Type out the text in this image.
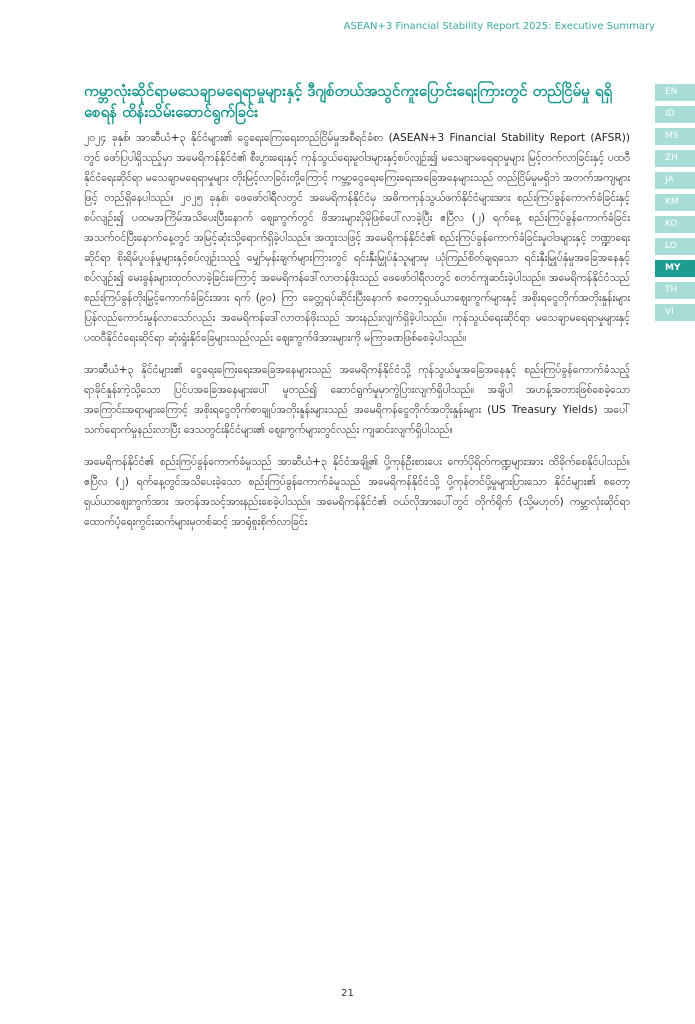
ASEAN+3 Financial Stability Report 2025: Executive Summary
EN
ID
MS
ZH
JA
KM
KO
LO
MY
TH
VI
ကမ္ဘာလုံးဆိုင်ရာမသေချာမရေရာမှုများနှင့် ဒီဂျစ်တယ်အသွင်ကူးပြောင်းရေးကြားတွင် တည်ငြိမ်မှု ရရှိစေရန် ထိန်းသိမ်းဆောင်ရွက်ခြင်း

၂၀၂၄ ခုနှစ်၊ အာဆီယံ+၃ နိုင်ငံများ၏ ငွေရေးကြေးရေးတည်ငြိမ်မှုအစီရင်ခံစာ (ASEAN+3 Financial Stability Report (AFSR)) တွင် ဖော်ပြပါရှိသည့်မှာ အမေရိကန်နိုင်ငံ၏ စီးပွားရေးနှင့် ကုန်သွယ်ရေးမူဝါဒများနှင့်စပ်လျဉ်း၍ မသေချာမရေရာမှုများ မြင့်တက်လာခြင်းနှင့် ပထဝီနိုင်ငံရေးဆိုင်ရာ မသေချာမရေရာမှုများ တိုးမြင့်လာခြင်းတို့ကြောင့် ကမ္ဘာ့ငွေရေးကြေးရေးအခြေအနေများသည် တည်ငြိမ်မှုမရှိဘဲ အတက်အကျများဖြင့် တည်ရှိနေပါသည်။ ၂၀၂၅ ခုနှစ်၊ ဖေဖော်ဝါရီလတွင် အမေရိကန်နိုင်ငံမှ အဓိကကုန်သွယ်ဖက်နိုင်ငံများအား စည်းကြပ်ခွန်ကောက်ခံခြင်းနှင့်စပ်လျဉ်း၍ ပထမအကြိမ်အသိပေးပြီးနောက် ဈေးကွက်တွင် ဖိအားများပိုမိုဖြစ်ပေါ်လာခဲ့ပြီး ဧပြီလ (၂) ရက်နေ့ စည်းကြပ်ခွန်ကောက်ခံခြင်း အသက်ဝင်ပြီးနောက်နေ့တွင် အမြင့်ဆုံးသို့ရောက်ရှိခဲ့ပါသည်။ အထူးသဖြင့် အမေရိကန်နိုင်ငံ၏ စည်းကြပ်ခွန်ကောက်ခံခြင်းမူဝါဒများနှင့် ဘဏ္ဍာရေးဆိုင်ရာ စိုးရိမ်ပူပန်မှုများနှင့်စပ်လျဉ်းသည့် မျှော်မှန်းချက်များကြားတွင် ရင်းနှီးမြှုပ်နှံသူများမှ ယုံကြည်စိတ်ချရသော ရင်းနှီးမြှုပ်နှံမှုအခြေအနေနှင့်စပ်လျဉ်း၍ မေးခွန်းများထုတ်လာခဲ့ခြင်းကြောင့် အမေရိကန်ဒေါ်လာတန်ဖိုးသည် ဖေဖော်ဝါရီလတွင် စတင်ကျဆင်းခဲ့ပါသည်။ အမေရိကန်နိုင်ငံသည် စည်းကြပ်ခွန်တိုးမြှင့်ကောက်ခံခြင်းအား ရက် (၉၀) ကြာ ခေတ္တရပ်ဆိုင်းပြီးနောက် စတော့ရှယ်ယာဈေးကွက်များနှင့် အစိုးရငွေတိုက်အတိုးနှုန်းများ ပြန်လည်ကောင်းမွန်လာသော်လည်း အမေရိကန်ဒေါ်လာတန်ဖိုးသည် အားနည်းလျက်ရှိခဲ့ပါသည်။ ကုန်သွယ်ရေးဆိုင်ရာ မသေချာမရေရာမှုများနှင့် ပထဝီနိုင်ငံရေးဆိုင်ရာ ဆုံးရှုံးနိုင်ခြေများသည်လည်း ဈေးကွက်ဖိအားများကို မကြာခဏဖြစ်စေခဲ့ပါသည်။

အာဆီယံ+၃ နိုင်ငံများ၏ ငွေရေးကြေးရေးအခြေအနေများသည် အမေရိကန်နိုင်ငံသို့ ကုန်သွယ်မှုအခြေအနေနှင့် စည်းကြပ်ခွန်ကောက်ခံသည့်ရာခိုင်နှုန်းကဲ့သို့သော ပြင်ပအခြေအနေများပေါ် မူတည်၍ ဆောင်ရွက်မှုမှာကွဲပြားလျက်ရှိပါသည်။ အချိပါ အဟန့်အတားဖြစ်စေခဲ့သော အကြောင်းအရာများကြောင့် အစိုးရငွေတိုက်စာချုပ်အတိုးနှုန်းများသည် အမေရိကန်ငွေတိုက်အတိုးနှုန်းများ (US Treasury Yields) အပေါ် သက်ရောက်မှုနည်းလာပြီး ဒေသတွင်းနိုင်ငံများ၏ ဈေးကွက်များတွင်လည်း ကျဆင်းလျက်ရှိပါသည်။

အမေရိကန်နိုင်ငံ၏ စည်းကြပ်ခွန်ကောက်ခံမှုသည် အာဆီယံ+၃ နိုင်ငံအချို့၏ ပို့ကုန်ဦးစားပေး ကော်ပိုရိတ်ကဏ္ဍများအား ထိခိုက်စေနိုင်ပါသည်။ ဧပြီလ (၂) ရက်နေ့တွင်အသိပေးခဲ့သော စည်းကြပ်ခွန်ကောက်ခံမှုသည် အမေရိကန်နိုင်ငံသို့ ပို့ကုန်တင်ပို့မှုများပြားသော နိုင်ငံများ၏ စတော့ရှယ်ယာဈေးကွက်အား အတန်အသင့်အားနည်းစေခဲ့ပါသည်။ အမေရိကန်နိုင်ငံ၏ ဝယ်လိုအားပေါ်တွင် တိုက်ရိုက် (သို့မဟုတ်) ကမ္ဘာလုံးဆိုင်ရာထောက်ပံ့ရေးကွင်းဆက်များမှတစ်ဆင့် အာရုံစူးစိုက်လာခြင်း

21
